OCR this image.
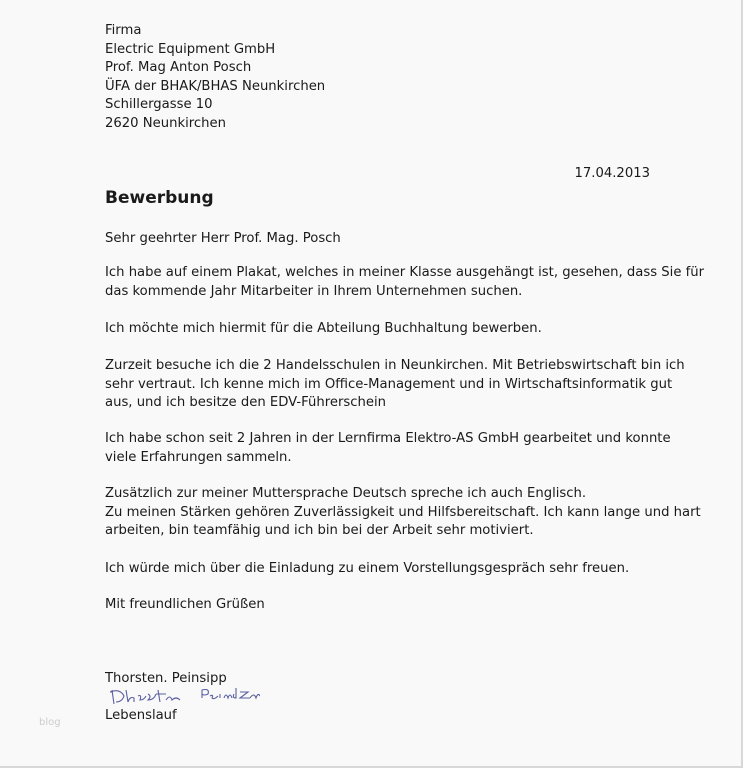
Firma
Electric Equipment GmbH
Prof. Mag Anton Posch
ÜFA der BHAK/BHAS Neunkirchen
Schillergasse 10
2620 Neunkirchen
17.04.2013
Bewerbung
Sehr geehrter Herr Prof. Mag. Posch
Ich habe auf einem Plakat, welches in meiner Klasse ausgehängt ist, gesehen, dass Sie für
das kommende Jahr Mitarbeiter in Ihrem Unternehmen suchen.
Ich möchte mich hiermit für die Abteilung Buchhaltung bewerben.
Zurzeit besuche ich die 2 Handelsschulen in Neunkirchen. Mit Betriebswirtschaft bin ich
sehr vertraut. Ich kenne mich im Office-Management und in Wirtschaftsinformatik gut
aus, und ich besitze den EDV-Führerschein
Ich habe schon seit 2 Jahren in der Lernfirma Elektro-AS GmbH gearbeitet und konnte
viele Erfahrungen sammeln.
Zusätzlich zur meiner Muttersprache Deutsch spreche ich auch Englisch.
Zu meinen Stärken gehören Zuverlässigkeit und Hilfsbereitschaft. Ich kann lange und hart
arbeiten, bin teamfähig und ich bin bei der Arbeit sehr motiviert.
Ich würde mich über die Einladung zu einem Vorstellungsgespräch sehr freuen.
Mit freundlichen Grüßen
Thorsten. Peinsipp
Lebenslauf
blog
